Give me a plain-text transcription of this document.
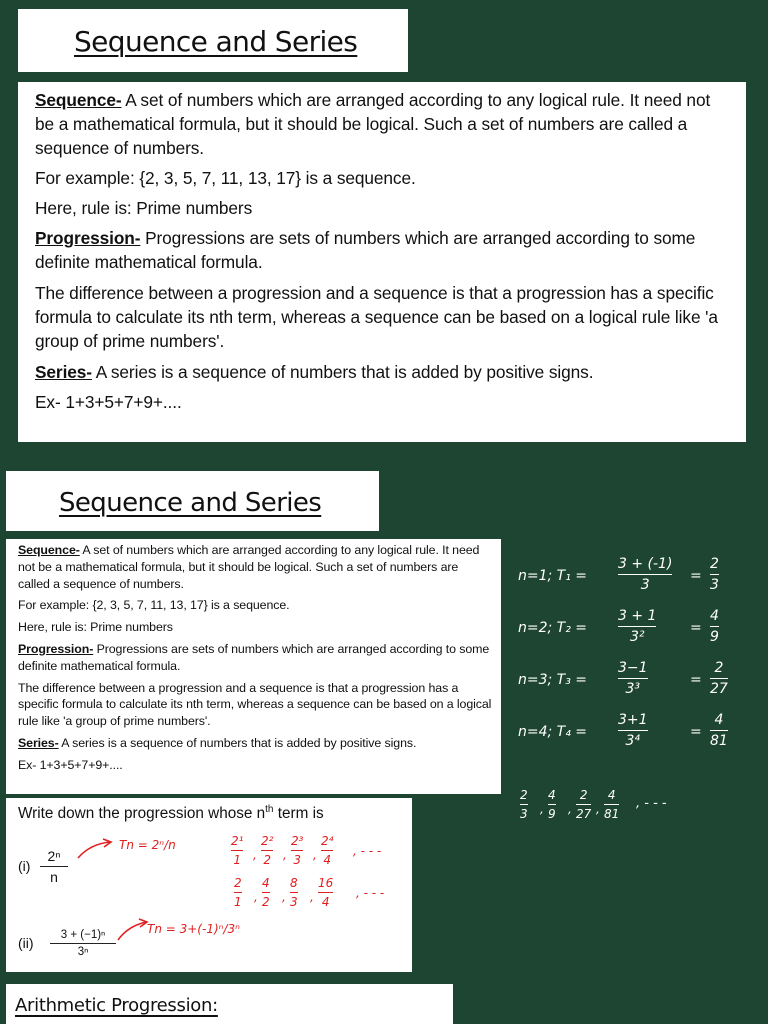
Sequence and Series

Sequence- A set of numbers which are arranged according to any logical rule. It need not be a mathematical formula, but it should be logical. Such a set of numbers are called a sequence of numbers.

For example: {2, 3, 5, 7, 11, 13, 17} is a sequence.

Here, rule is: Prime numbers

Progression- Progressions are sets of numbers which are arranged according to some definite mathematical formula.

The difference between a progression and a sequence is that a progression has a specific formula to calculate its nth term, whereas a sequence can be based on a logical rule like 'a group of prime numbers'.

Series- A series is a sequence of numbers that is added by positive signs.

Ex- 1+3+5+7+9+....

Sequence and Series

Sequence- A set of numbers which are arranged according to any logical rule. It need not be a mathematical formula, but it should be logical. Such a set of numbers are called a sequence of numbers.

For example: {2, 3, 5, 7, 11, 13, 17} is a sequence.

Here, rule is: Prime numbers

Progression- Progressions are sets of numbers which are arranged according to some definite mathematical formula.

The difference between a progression and a sequence is that a progression has a specific formula to calculate its nth term, whereas a sequence can be based on a logical rule like 'a group of prime numbers'.

Series- A series is a sequence of numbers that is added by positive signs.

Ex- 1+3+5+7+9+....

Write down the progression whose $n^{th}$ term is
(i)
2ⁿ
n
(ii)	3 + (−1)ⁿ
3ⁿ
Tn = 2ⁿ/n	2¹
1 ,
2²
2 ,
2³
3 ,
2⁴
4
, - - -
2
1 ,
4
2 ,
8
3 ,
16
4
, - - -
Tn = 3+(-1)ⁿ/3ⁿ
n=1; T₁ =
3 + (-1)
3
=
2
3
n=2; T₂ =
3 + 1
3²
=
4
9
n=3; T₃ =
3−1
3³
=
2
27
n=4; T₄ =
3+1
3⁴
=
4
81
2
3 ,
4
9 ,
2
27 ,
4
81
, - - -
Arithmetic Progression:
